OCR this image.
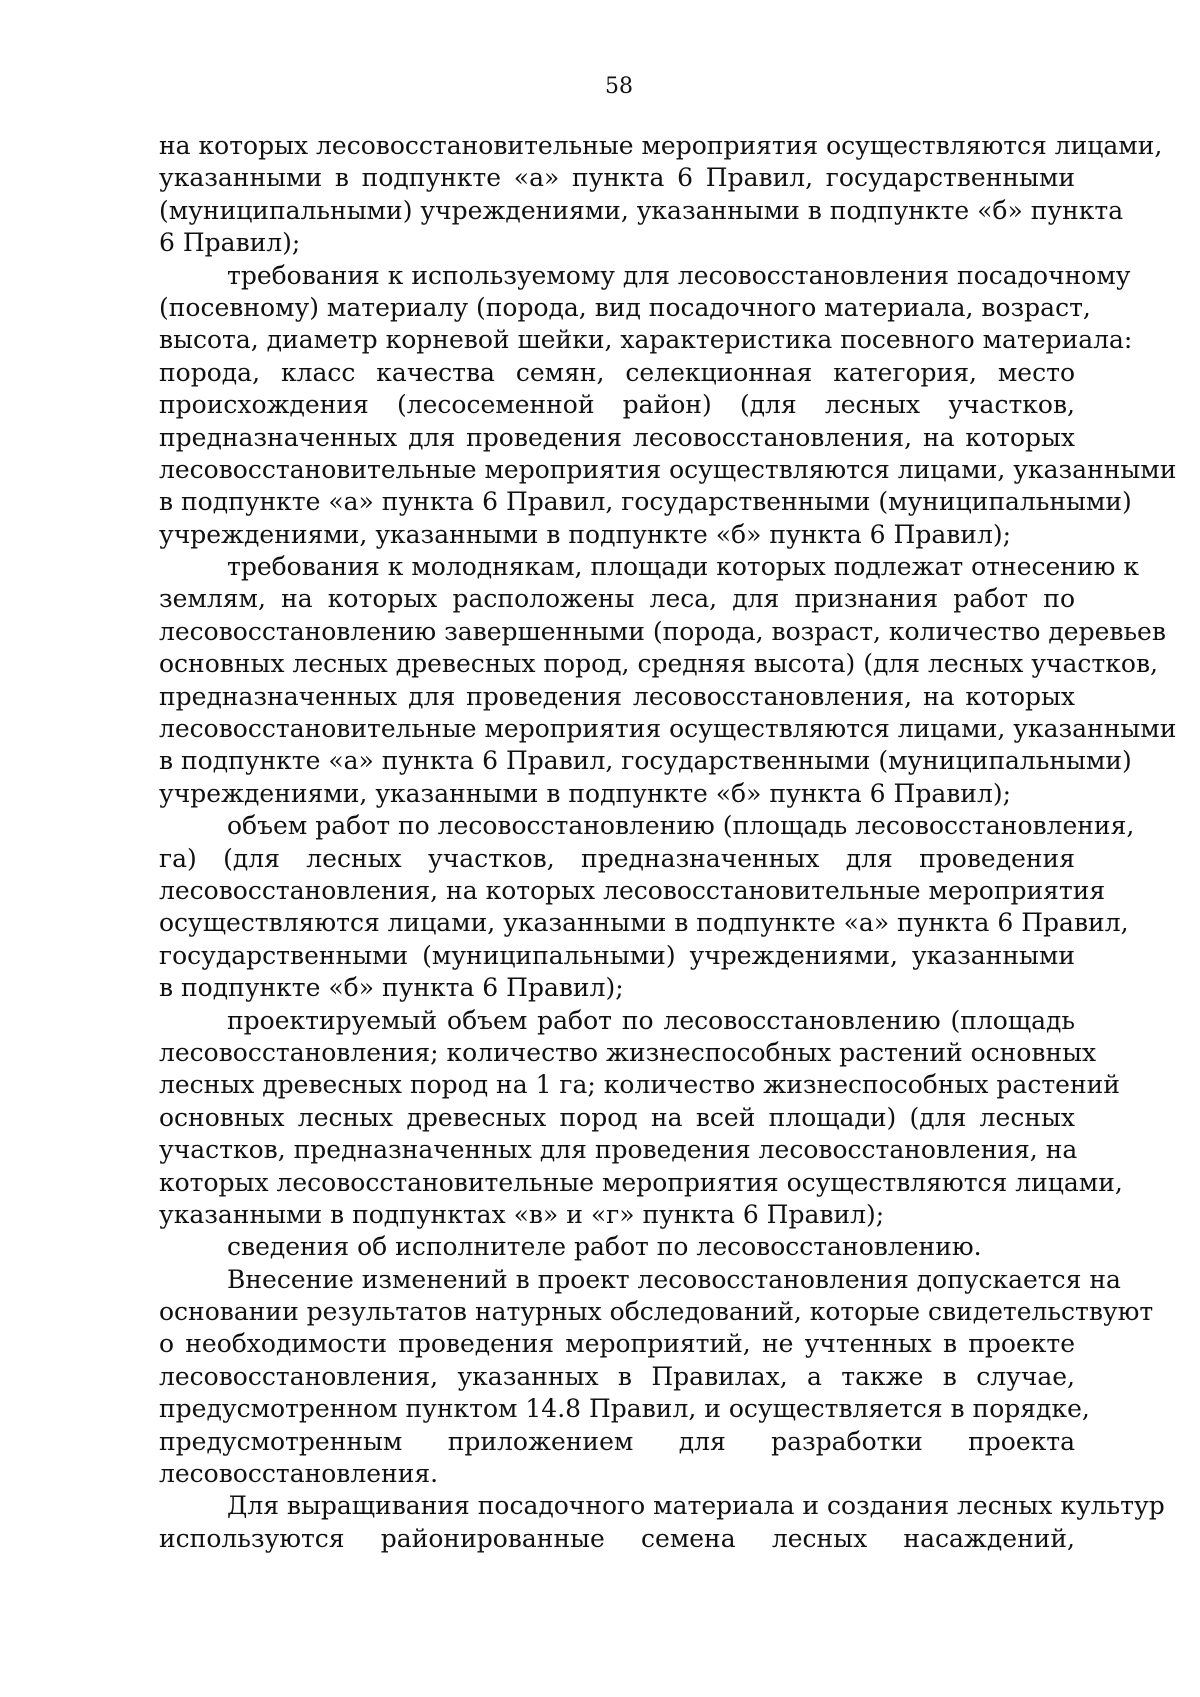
58
на которых лесовосстановительные мероприятия осуществляются лицами,
указанными в подпункте «а» пункта 6 Правил, государственными
(муниципальными) учреждениями, указанными в подпункте «б» пункта
6 Правил);
требования к используемому для лесовосстановления посадочному
(посевному) материалу (порода, вид посадочного материала, возраст,
высота, диаметр корневой шейки, характеристика посевного материала:
порода, класс качества семян, селекционная категория, место
происхождения (лесосеменной район) (для лесных участков,
предназначенных для проведения лесовосстановления, на которых
лесовосстановительные мероприятия осуществляются лицами, указанными
в подпункте «а» пункта 6 Правил, государственными (муниципальными)
учреждениями, указанными в подпункте «б» пункта 6 Правил);
требования к молоднякам, площади которых подлежат отнесению к
землям, на которых расположены леса, для признания работ по
лесовосстановлению завершенными (порода, возраст, количество деревьев
основных лесных древесных пород, средняя высота) (для лесных участков,
предназначенных для проведения лесовосстановления, на которых
лесовосстановительные мероприятия осуществляются лицами, указанными
в подпункте «а» пункта 6 Правил, государственными (муниципальными)
учреждениями, указанными в подпункте «б» пункта 6 Правил);
объем работ по лесовосстановлению (площадь лесовосстановления,
га) (для лесных участков, предназначенных для проведения
лесовосстановления, на которых лесовосстановительные мероприятия
осуществляются лицами, указанными в подпункте «а» пункта 6 Правил,
государственными (муниципальными) учреждениями, указанными
в подпункте «б» пункта 6 Правил);
проектируемый объем работ по лесовосстановлению (площадь
лесовосстановления; количество жизнеспособных растений основных
лесных древесных пород на 1 га; количество жизнеспособных растений
основных лесных древесных пород на всей площади) (для лесных
участков, предназначенных для проведения лесовосстановления, на
которых лесовосстановительные мероприятия осуществляются лицами,
указанными в подпунктах «в» и «г» пункта 6 Правил);
сведения об исполнителе работ по лесовосстановлению.
Внесение изменений в проект лесовосстановления допускается на
основании результатов натурных обследований, которые свидетельствуют
о необходимости проведения мероприятий, не учтенных в проекте
лесовосстановления, указанных в Правилах, а также в случае,
предусмотренном пунктом 14.8 Правил, и осуществляется в порядке,
предусмотренным приложением для разработки проекта
лесовосстановления.
Для выращивания посадочного материала и создания лесных культур
используются районированные семена лесных насаждений,
